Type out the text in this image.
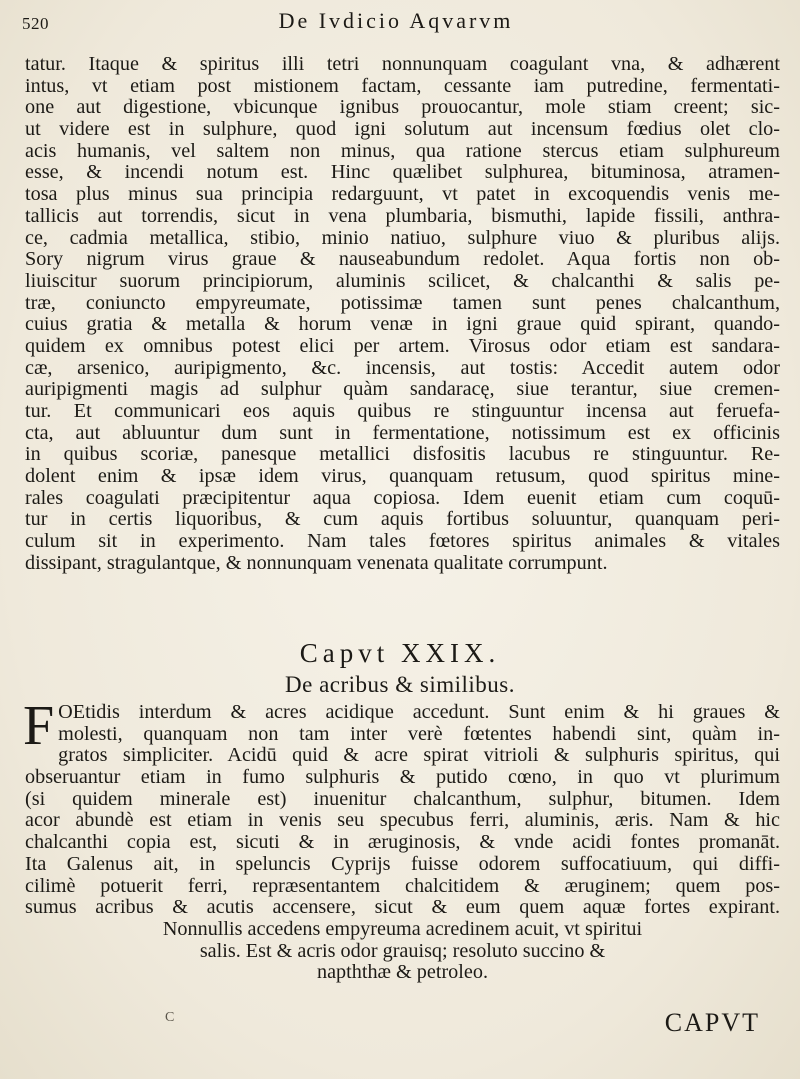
520	De Ivdicio Aqvarvm
tatur. Itaque & spiritus illi tetri nonnunquam coagulant vna, & adhærent
intus, vt etiam post mistionem factam, cessante iam putredine, fermentati-
one aut digestione, vbicunque ignibus prouocantur, mole stiam creent; sic-
ut videre est in sulphure, quod igni solutum aut incensum fœdius olet clo-
acis humanis, vel saltem non minus, qua ratione stercus etiam sulphureum
esse, & incendi notum est. Hinc quælibet sulphurea, bituminosa, atramen-
tosa plus minus sua principia redarguunt, vt patet in excoquendis venis me-
tallicis aut torrendis, sicut in vena plumbaria, bismuthi, lapide fissili, anthra-
ce, cadmia metallica, stibio, minio natiuo, sulphure viuo & pluribus alijs.
Sory nigrum virus graue & nauseabundum redolet. Aqua fortis non ob-
liuiscitur suorum principiorum, aluminis scilicet, & chalcanthi & salis pe-
træ, coniuncto empyreumate, potissimæ tamen sunt penes chalcanthum,
cuius gratia & metalla & horum venæ in igni graue quid spirant, quando-
quidem ex omnibus potest elici per artem. Virosus odor etiam est sandara-
cæ, arsenico, auripigmento, &c. incensis, aut tostis: Accedit autem odor
auripigmenti magis ad sulphur quàm sandaracę, siue terantur, siue cremen-
tur. Et communicari eos aquis quibus re stinguuntur incensa aut feruefa-
cta, aut abluuntur dum sunt in fermentatione, notissimum est ex officinis
in quibus scoriæ, panesque metallici disfositis lacubus re stinguuntur. Re-
dolent enim & ipsæ idem virus, quanquam retusum, quod spiritus mine-
rales coagulati præcipitentur aqua copiosa. Idem euenit etiam cum coquū-
tur in certis liquoribus, & cum aquis fortibus soluuntur, quanquam peri-
culum sit in experimento. Nam tales fœtores spiritus animales & vitales
dissipant, stragulantque, & nonnunquam venenata qualitate corrumpunt.
Capvt XXIX.
De acribus & similibus.
F OEtidis interdum & acres acidique accedunt. Sunt enim & hi graues &
molesti, quanquam non tam inter verè fœtentes habendi sint, quàm in-
gratos simpliciter. Acidū quid & acre spirat vitrioli & sulphuris spiritus, qui
obseruantur etiam in fumo sulphuris & putido cœno, in quo vt plurimum
(si quidem minerale est) inuenitur chalcanthum, sulphur, bitumen. Idem
acor abundè est etiam in venis seu specubus ferri, aluminis, æris. Nam & hic
chalcanthi copia est, sicuti & in æruginosis, & vnde acidi fontes promanāt.
Ita Galenus ait, in speluncis Cyprijs fuisse odorem suffocatiuum, qui diffi-
cilimè potuerit ferri, repræsentantem chalcitidem & æruginem; quem pos-
sumus acribus & acutis accensere, sicut & eum quem aquæ fortes expirant.
Nonnullis accedens empyreuma acredinem acuit, vt spiritui
salis. Est & acris odor grauisq; resoluto succino &
napththæ & petroleo.
C	CAPVT
